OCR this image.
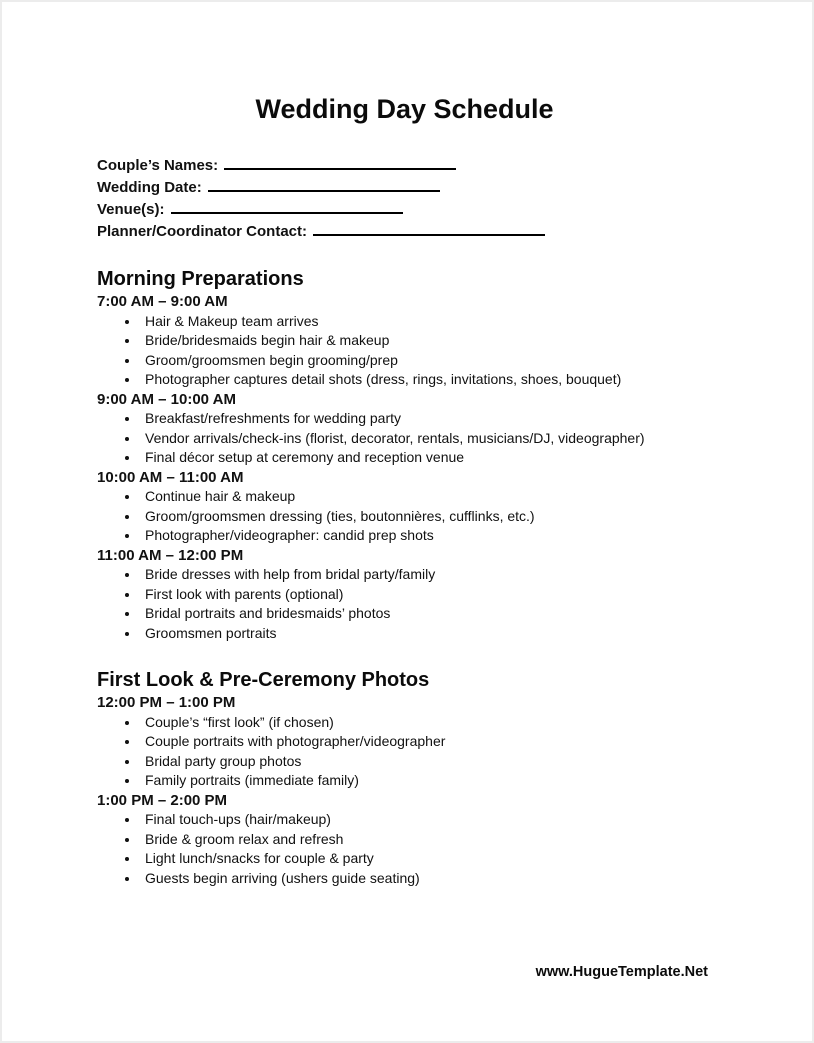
Wedding Day Schedule
Couple’s Names:
Wedding Date:
Venue(s):
Planner/Coordinator Contact:
Morning Preparations
7:00 AM – 9:00 AM
Hair & Makeup team arrives
Bride/bridesmaids begin hair & makeup
Groom/groomsmen begin grooming/prep
Photographer captures detail shots (dress, rings, invitations, shoes, bouquet)
9:00 AM – 10:00 AM
Breakfast/refreshments for wedding party
Vendor arrivals/check-ins (florist, decorator, rentals, musicians/DJ, videographer)
Final décor setup at ceremony and reception venue
10:00 AM – 11:00 AM
Continue hair & makeup
Groom/groomsmen dressing (ties, boutonnières, cufflinks, etc.)
Photographer/videographer: candid prep shots
11:00 AM – 12:00 PM
Bride dresses with help from bridal party/family
First look with parents (optional)
Bridal portraits and bridesmaids’ photos
Groomsmen portraits
First Look & Pre-Ceremony Photos
12:00 PM – 1:00 PM
Couple’s “first look” (if chosen)
Couple portraits with photographer/videographer
Bridal party group photos
Family portraits (immediate family)
1:00 PM – 2:00 PM
Final touch-ups (hair/makeup)
Bride & groom relax and refresh
Light lunch/snacks for couple & party
Guests begin arriving (ushers guide seating)
www.HugueTemplate.Net
